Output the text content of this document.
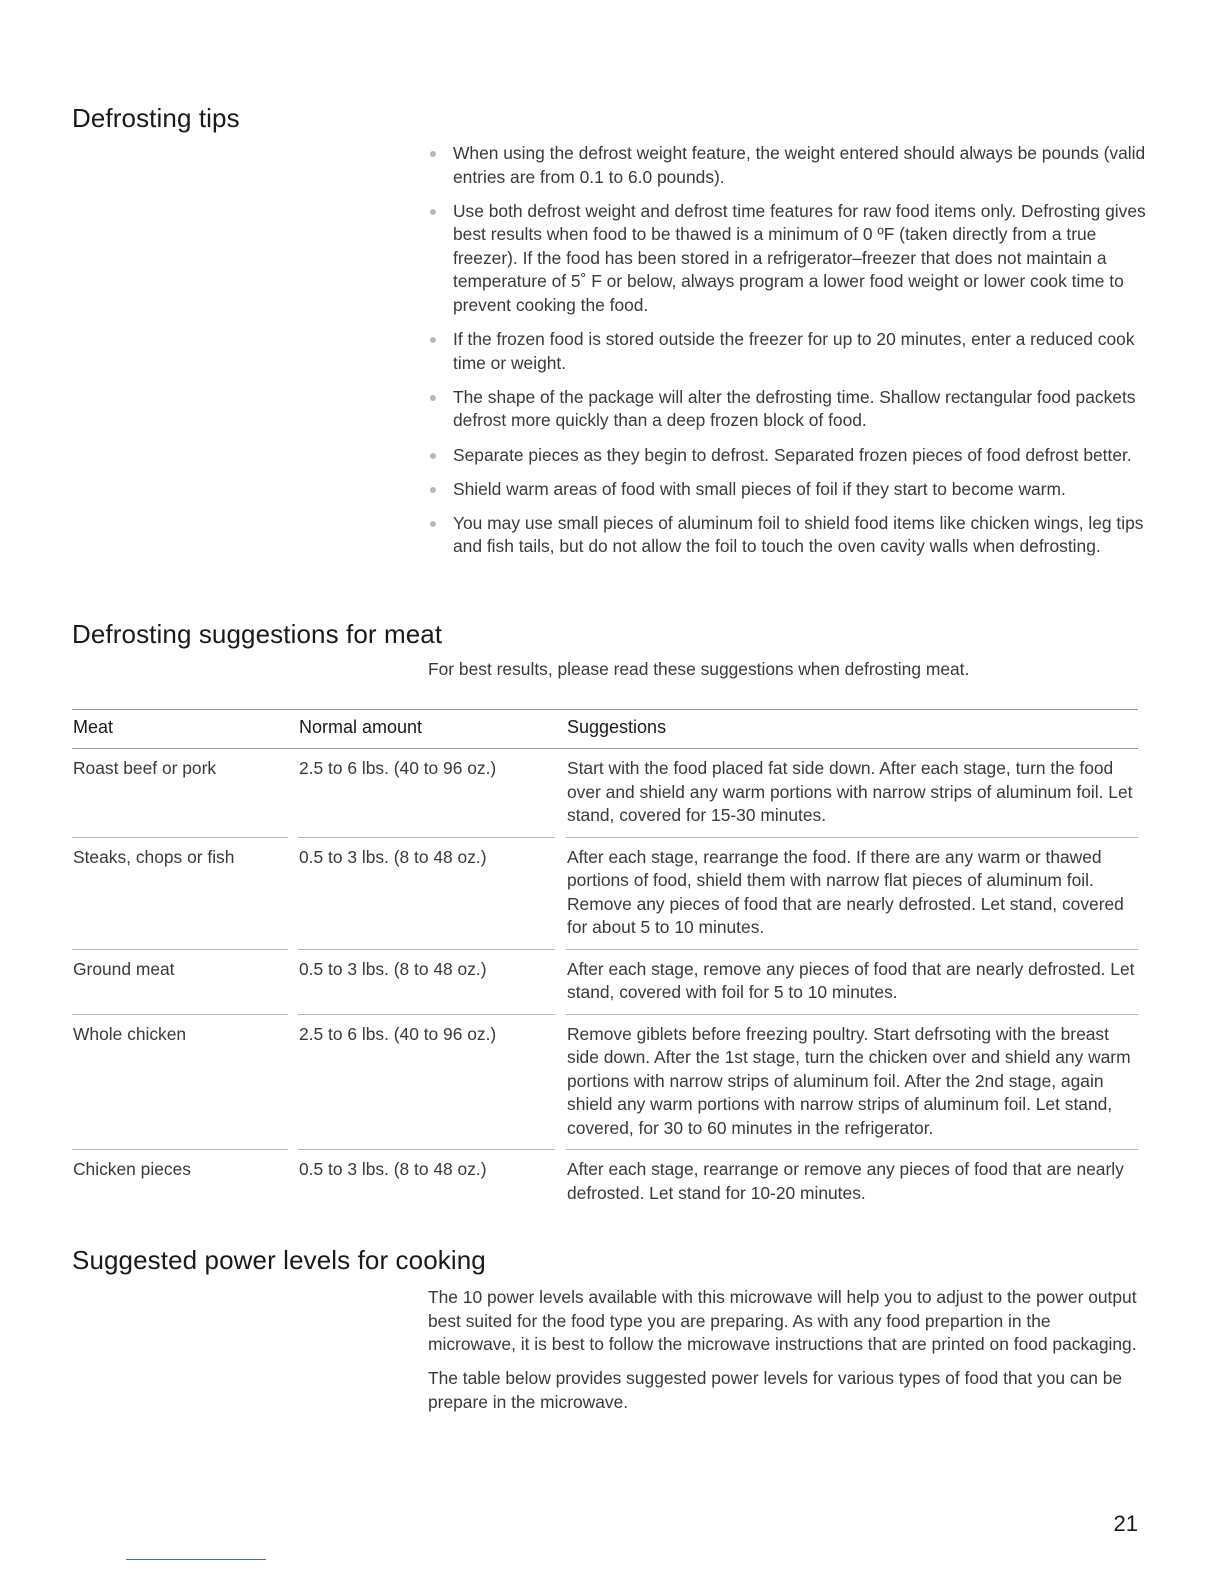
Defrosting tips
When using the defrost weight feature, the weight entered should always be pounds (valid entries are from 0.1 to 6.0 pounds).
Use both defrost weight and defrost time features for raw food items only. Defrosting gives best results when food to be thawed is a minimum of 0 ºF (taken directly from a true freezer). If the food has been stored in a refrigerator–freezer that does not maintain a temperature of 5˚ F or below, always program a lower food weight or lower cook time to prevent cooking the food.
If the frozen food is stored outside the freezer for up to 20 minutes, enter a reduced cook time or weight.
The shape of the package will alter the defrosting time. Shallow rectangular food packets defrost more quickly than a deep frozen block of food.
Separate pieces as they begin to defrost. Separated frozen pieces of food defrost better.
Shield warm areas of food with small pieces of foil if they start to become warm.
You may use small pieces of aluminum foil to shield food items like chicken wings, leg tips and fish tails, but do not allow the foil to touch the oven cavity walls when defrosting.
Defrosting suggestions for meat

For best results, please read these suggestions when defrosting meat.

Meat	Normal amount	Suggestions
Roast beef or pork	2.5 to 6 lbs. (40 to 96 oz.)	Start with the food placed fat side down. After each stage, turn the food over and shield any warm portions with narrow strips of aluminum foil. Let stand, covered for 15-30 minutes.
Steaks, chops or fish	0.5 to 3 lbs. (8 to 48 oz.)	After each stage, rearrange the food. If there are any warm or thawed portions of food, shield them with narrow flat pieces of aluminum foil. Remove any pieces of food that are nearly defrosted. Let stand, covered for about 5 to 10 minutes.
Ground meat	0.5 to 3 lbs. (8 to 48 oz.)	After each stage, remove any pieces of food that are nearly defrosted. Let stand, covered with foil for 5 to 10 minutes.
Whole chicken	2.5 to 6 lbs. (40 to 96 oz.)	Remove giblets before freezing poultry. Start defrsoting with the breast side down. After the 1st stage, turn the chicken over and shield any warm portions with narrow strips of aluminum foil. After the 2nd stage, again shield any warm portions with narrow strips of aluminum foil. Let stand, covered, for 30 to 60 minutes in the refrigerator.
Chicken pieces	0.5 to 3 lbs. (8 to 48 oz.)	After each stage, rearrange or remove any pieces of food that are nearly defrosted. Let stand for 10-20 minutes.
Suggested power levels for cooking

The 10 power levels available with this microwave will help you to adjust to the power output best suited for the food type you are preparing. As with any food prepartion in the microwave, it is best to follow the microwave instructions that are printed on food packaging.

The table below provides suggested power levels for various types of food that you can be prepare in the microwave.

21
